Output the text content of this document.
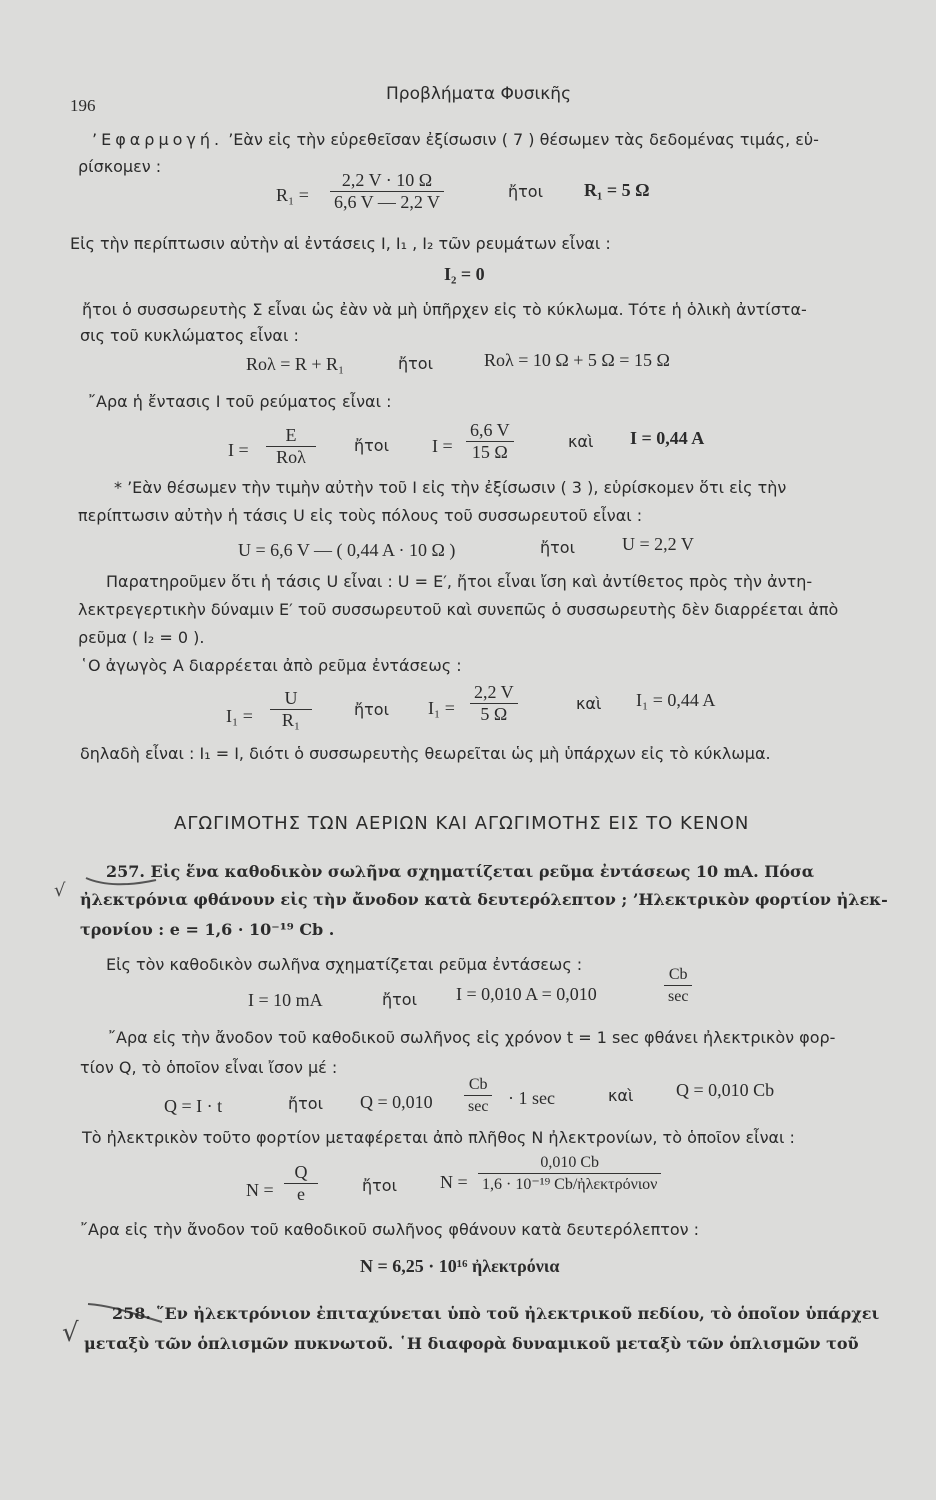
196
Προβλήματα Φυσικῆς
’Εφαρμογή. ’Εὰν εἰς τὴν εὑρεθεῖσαν ἐξίσωσιν ( 7 ) θέσωμεν τὰς δεδομένας τιμάς, εὑ-
ρίσκομεν :
$R_1 = \frac{2,2 V \cdot 10 \Omega}{6,6 V — 2,2 V}$	ἤτοι R₁ = 5 Ω
Εἰς τὴν περίπτωσιν αὐτὴν αἱ ἐντάσεις I, I₁ , I₂ τῶν ρευμάτων εἶναι :
I₂ = 0
ἤτοι ὁ συσσωρευτὴς Σ εἶναι ὡς ἐὰν νὰ μὴ ὑπῆρχεν εἰς τὸ κύκλωμα. Τότε ἡ ὁλικὴ ἀντίστα-
σις τοῦ κυκλώματος εἶναι :
Rολ = R + R₁	ἤτοι	Rολ = 10 Ω + 5 Ω = 15 Ω
῎Αρα ἡ ἔντασις I τοῦ ρεύματος εἶναι :
I =
E
Rολ
ἤτοι $I = \frac{6,6 V}{15 \Omega}$	καὶ I = 0,44 A
* ’Εὰν θέσωμεν τὴν τιμὴν αὐτὴν τοῦ I εἰς τὴν ἐξίσωσιν ( 3 ), εὑρίσκομεν ὅτι εἰς τὴν
περίπτωσιν αὐτὴν ἡ τάσις U εἰς τοὺς πόλους τοῦ συσσωρευτοῦ εἶναι :
U = 6,6 V — ( 0,44 A · 10 Ω )	ἤτοι	U = 2,2 V
Παρατηροῦμεν ὅτι ἡ τάσις U εἶναι : U = E′, ἤτοι εἶναι ἴση καὶ ἀντίθετος πρὸς τὴν ἀντη-
λεκτρεγερτικὴν δύναμιν E′ τοῦ συσσωρευτοῦ καὶ συνεπῶς ὁ συσσωρευτὴς δὲν διαρρέεται ἀπὸ
ρεῦμα ( I₂ = 0 ).
῾Ο ἀγωγὸς A διαρρέεται ἀπὸ ρεῦμα ἐντάσεως :
$I_1 = \frac{U}{\text{R₁}}$	ἤτοι $I_1 = \frac{2,2 V}{5 \Omega}$	καὶ I₁ = 0,44 A
δηλαδὴ εἶναι : I₁ = I, διότι ὁ συσσωρευτὴς θεωρεῖται ὡς μὴ ὑπάρχων εἰς τὸ κύκλωμα.
ΑΓΩΓΙΜΟΤΗΣ ΤΩΝ ΑΕΡΙΩΝ ΚΑΙ ΑΓΩΓΙΜΟΤΗΣ ΕΙΣ ΤΟ ΚΕΝΟΝ
√
257. Εἰς ἕνα καθοδικὸν σωλῆνα σχηματίζεται ρεῦμα ἐντάσεως 10 mA. Πόσα
ἠλεκτρόνια φθάνουν εἰς τὴν ἄνοδον κατὰ δευτερόλεπτον ; ’Ηλεκτρικὸν φορτίον ἠλεκ-
τρονίου : e = 1,6 · 10⁻¹⁹ Cb .
Εἰς τὸν καθοδικὸν σωλῆνα σχηματίζεται ρεῦμα ἐντάσεως :
I = 10 mA	ἤτοι I = 0,010 A = 0,010
Cb
sec
῎Αρα εἰς τὴν ἄνοδον τοῦ καθοδικοῦ σωλῆνος εἰς χρόνον t = 1 sec φθάνει ἠλεκτρικὸν φορ-
τίον Q, τὸ ὁποῖον εἶναι ἴσον μέ :
Q = I · t	ἤτοι Q = 0,010
Cb
sec · 1 sec	καὶ Q = 0,010 Cb
Τὸ ἠλεκτρικὸν τοῦτο φορτίον μεταφέρεται ἀπὸ πλῆθος N ἠλεκτρονίων, τὸ ὁποῖον εἶναι :
$N = \frac{Q}{e}$	ἤτοι N =
0,010 Cb
1,6 · 10⁻¹⁹ Cb/ἠλεκτρόνιον
῎Αρα εἰς τὴν ἄνοδον τοῦ καθοδικοῦ σωλῆνος φθάνουν κατὰ δευτερόλεπτον :
N = 6,25 · 10¹⁶ ἠλεκτρόνια
√
258. ῞Εν ἠλεκτρόνιον ἐπιταχύνεται ὑπὸ τοῦ ἠλεκτρικοῦ πεδίου, τὸ ὁποῖον ὑπάρχει
μεταξὺ τῶν ὁπλισμῶν πυκνωτοῦ. ῾Η διαφορὰ δυναμικοῦ μεταξὺ τῶν ὁπλισμῶν τοῦ
